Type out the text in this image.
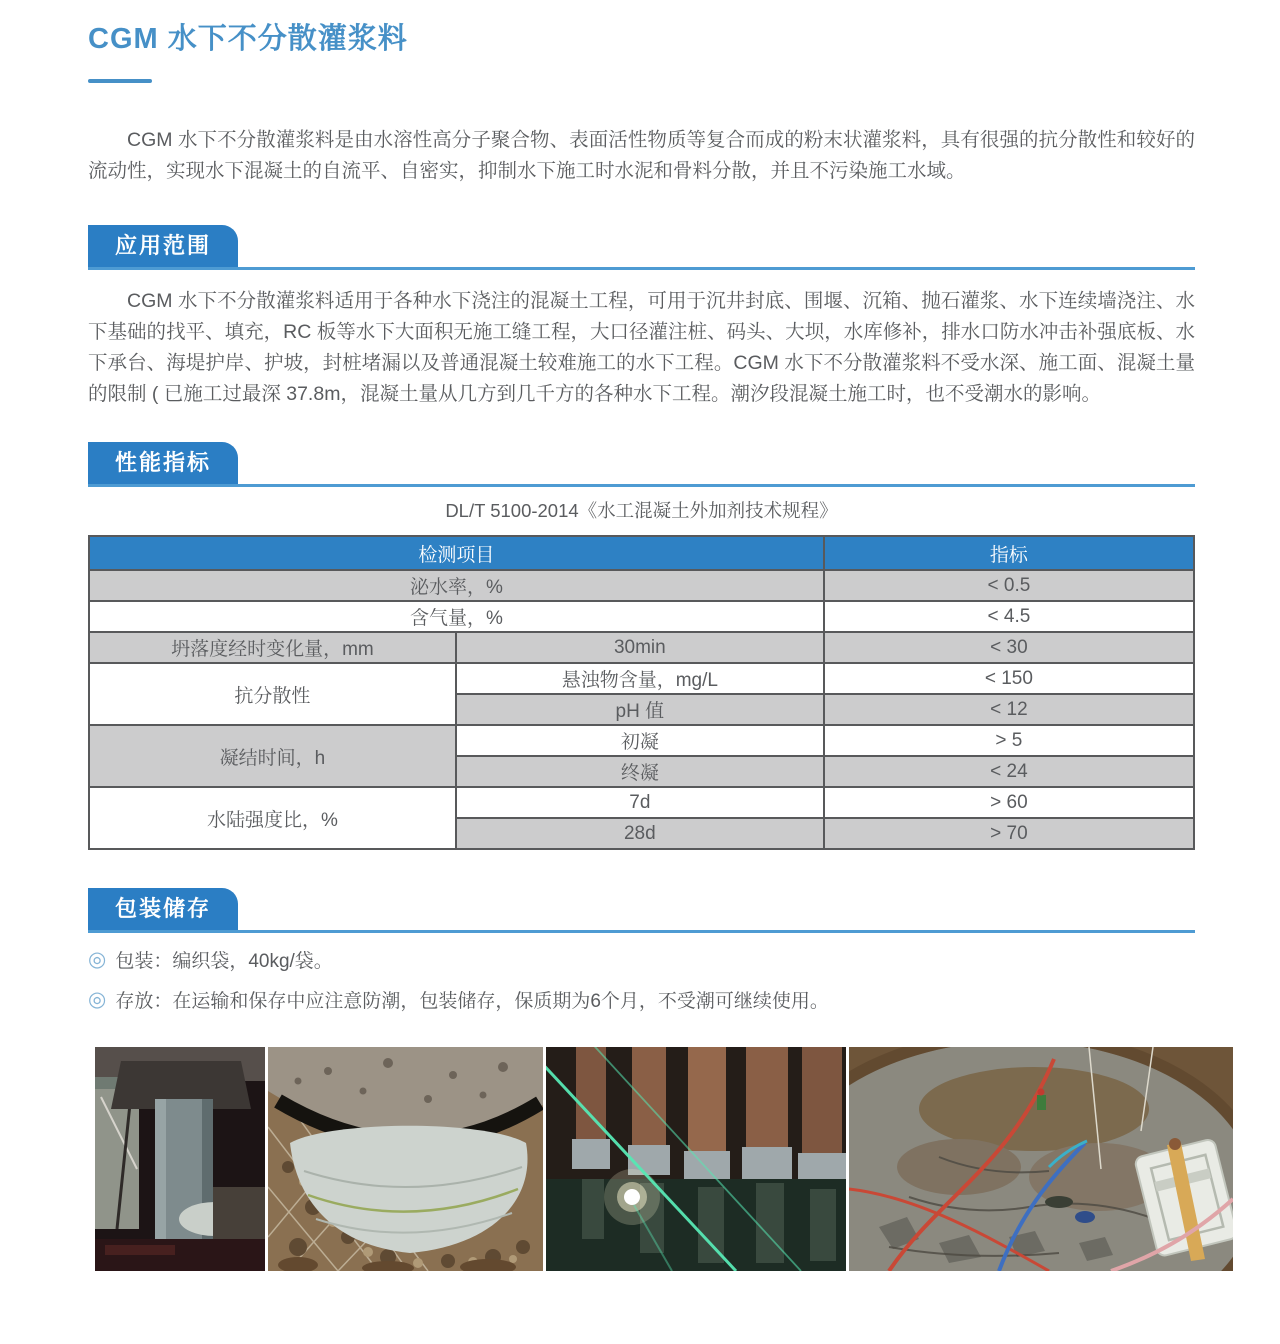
CGM 水下不分散灌浆料

CGM 水下不分散灌浆料是由水溶性高分子聚合物、表面活性物质等复合而成的粉末状灌浆料，具有很强的抗分散性和较好的流动性，实现水下混凝土的自流平、自密实，抑制水下施工时水泥和骨料分散，并且不污染施工水域。

应用范围

CGM 水下不分散灌浆料适用于各种水下浇注的混凝土工程，可用于沉井封底、围堰、沉箱、抛石灌浆、水下连续墙浇注、水下基础的找平、填充，RC 板等水下大面积无施工缝工程，大口径灌注桩、码头、大坝，水库修补，排水口防水冲击补强底板、水下承台、海堤护岸、护坡，封桩堵漏以及普通混凝土较难施工的水下工程。CGM 水下不分散灌浆料不受水深、施工面、混凝土量的限制 ( 已施工过最深 37.8m，混凝土量从几方到几千方的各种水下工程。潮汐段混凝土施工时，也不受潮水的影响。

性能指标
DL/T 5100-2014《水工混凝土外加剂技术规程》
检测项目		指标
泌水率，%		< 0.5
含气量，%		< 4.5
坍落度经时变化量，mm	30min	< 30
抗分散性	悬浊物含量，mg/L	< 150
	pH 值	< 12
凝结时间，h	初凝	> 5
	终凝	< 24
水陆强度比，%	7d	> 60
	28d	> 70
包装储存
◎ 包装：编织袋，40kg/袋。
◎ 存放：在运输和保存中应注意防潮，包装储存，保质期为6个月，不受潮可继续使用。
